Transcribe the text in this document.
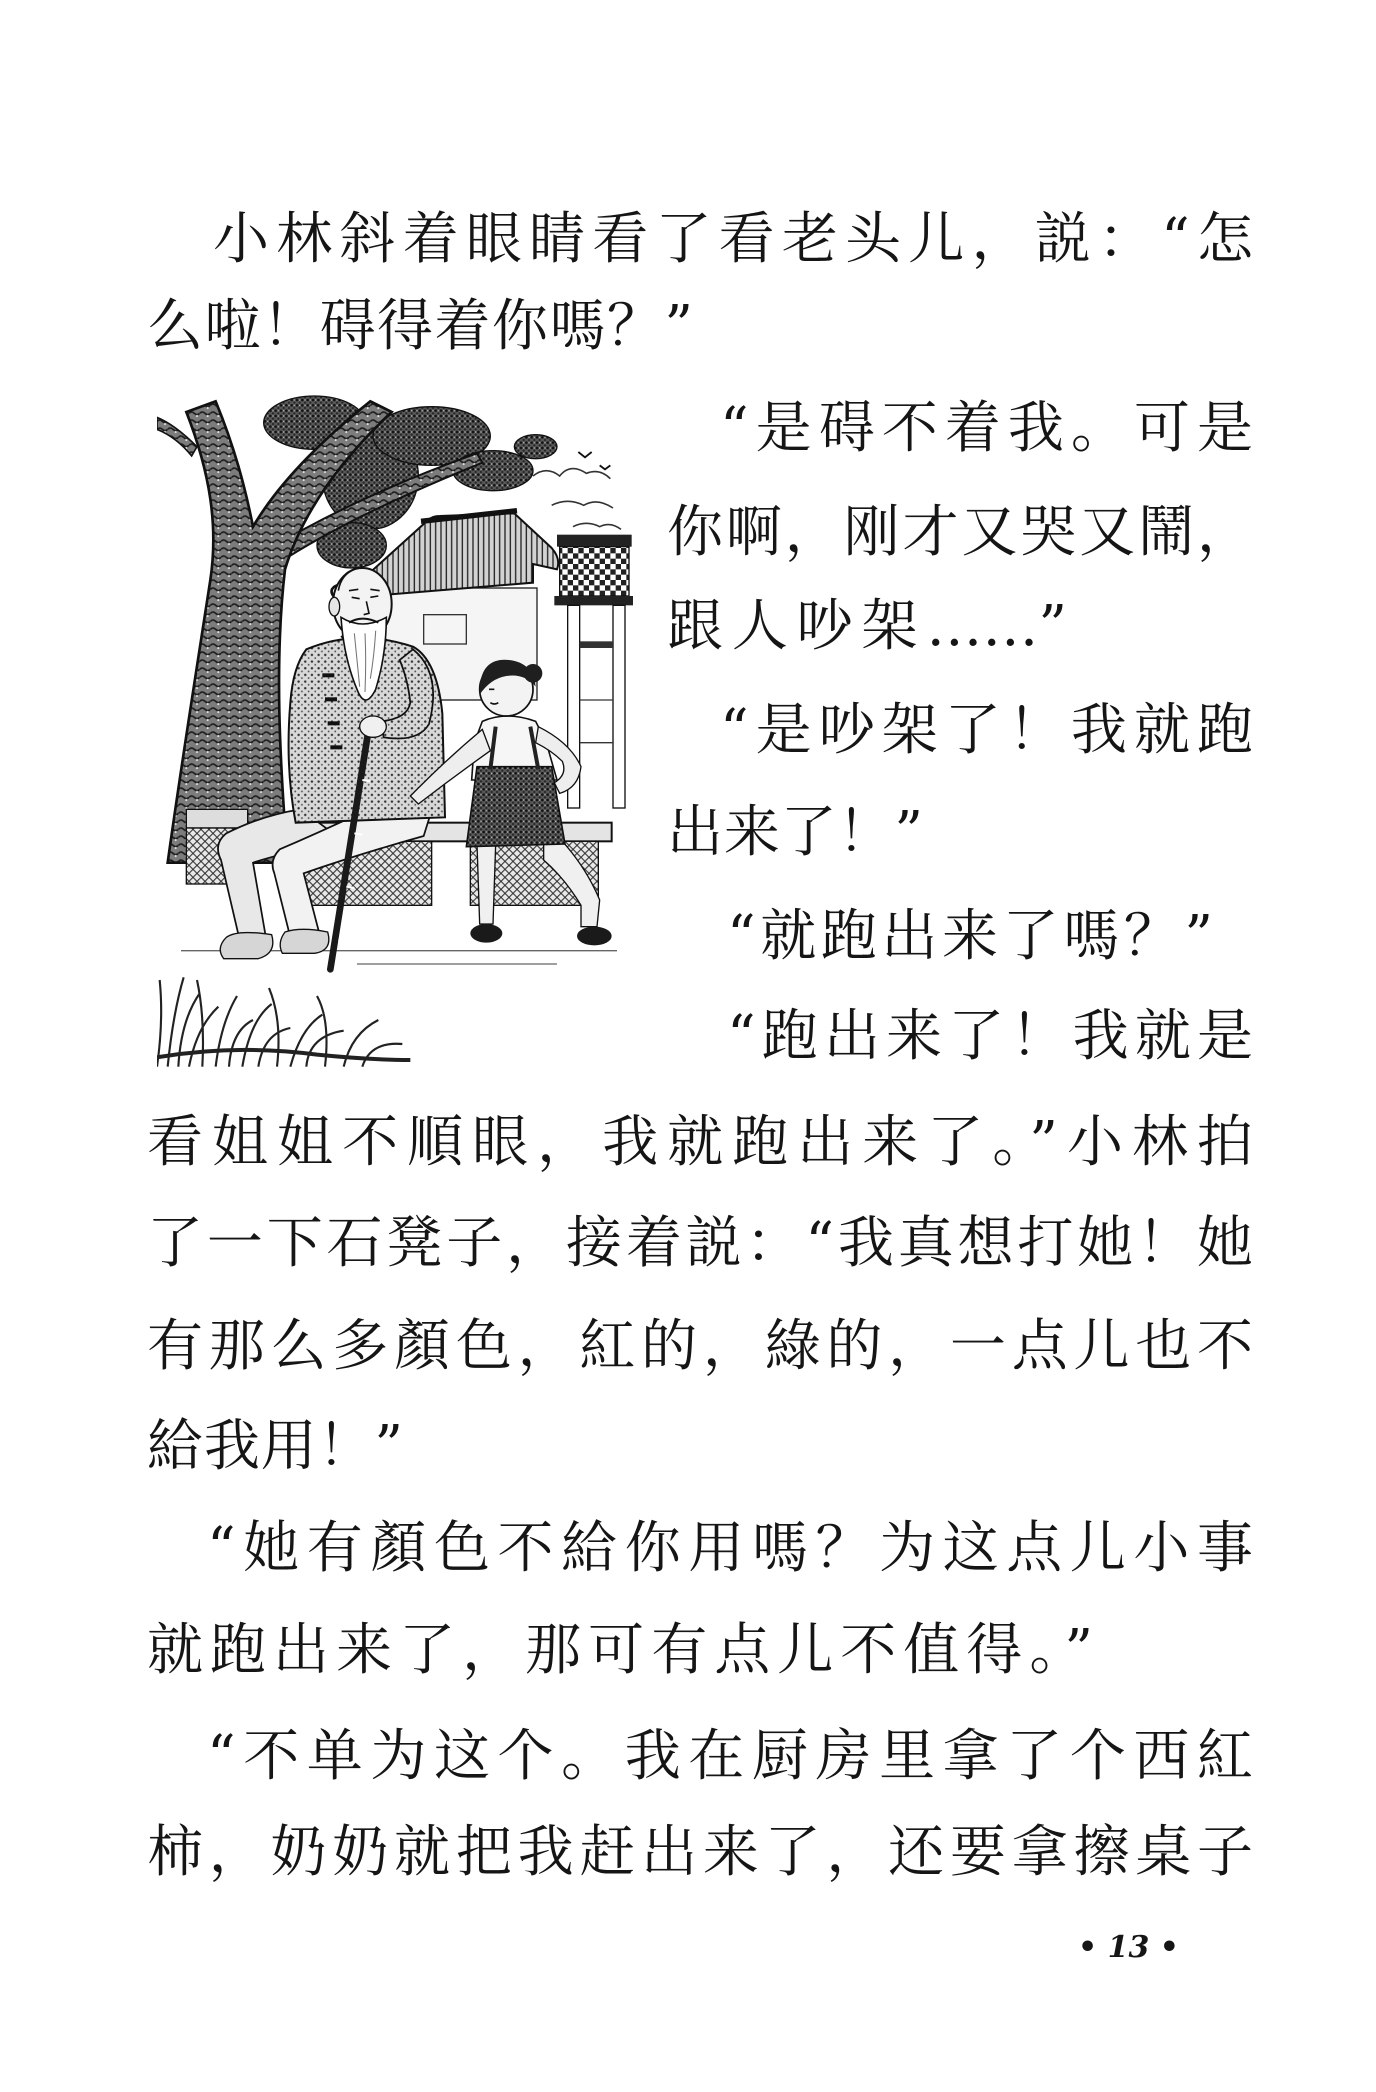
小林斜着眼睛看了看老头儿，説：“怎
么啦！碍得着你嗎？”
“是碍不着我。可是
你啊，刚才又哭又鬧，
跟人吵架……”
“是吵架了！我就跑
出来了！”
“就跑出来了嗎？”
“跑出来了！我就是
看姐姐不順眼，我就跑出来了。”小林拍
了一下石凳子，接着説：“我真想打她！她
有那么多顏色，紅的，綠的，一点儿也不
給我用！”
“她有顏色不給你用嗎？为这点儿小事
就跑出来了，那可有点儿不值得。”
“不单为这个。我在厨房里拿了个西紅
柿，奶奶就把我赶出来了，还要拿擦桌子
• 13 •
